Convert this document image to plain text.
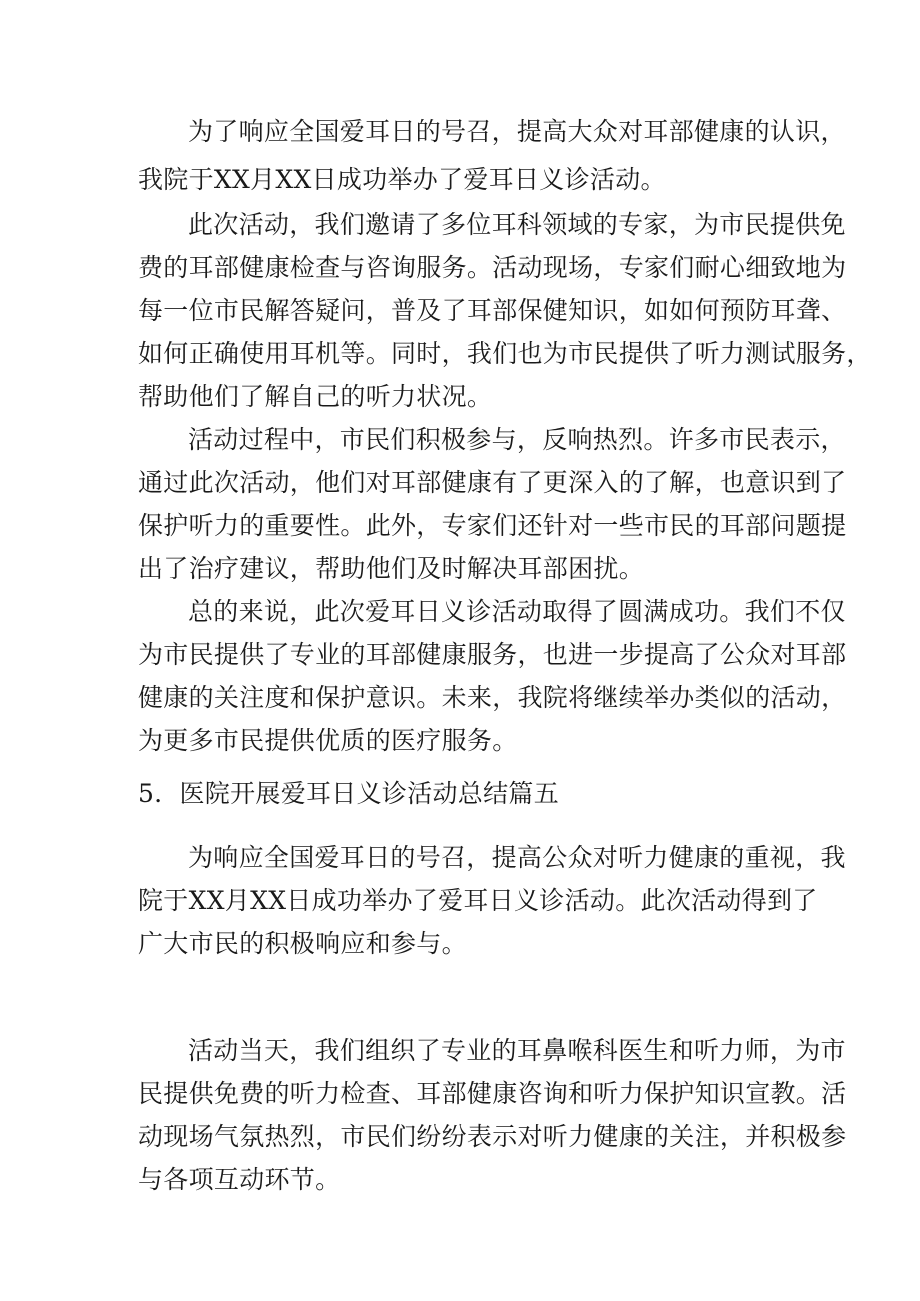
为了响应全国爱耳日的号召，提高大众对耳部健康的认识，

我院于XX月XX日成功举办了爱耳日义诊活动。

此次活动，我们邀请了多位耳科领域的专家，为市民提供免

费的耳部健康检查与咨询服务。活动现场，专家们耐心细致地为

每一位市民解答疑问，普及了耳部保健知识，如如何预防耳聋、

如何正确使用耳机等。同时，我们也为市民提供了听力测试服务，

帮助他们了解自己的听力状况。

活动过程中，市民们积极参与，反响热烈。许多市民表示，

通过此次活动，他们对耳部健康有了更深入的了解，也意识到了

保护听力的重要性。此外，专家们还针对一些市民的耳部问题提

出了治疗建议，帮助他们及时解决耳部困扰。

总的来说，此次爱耳日义诊活动取得了圆满成功。我们不仅

为市民提供了专业的耳部健康服务，也进一步提高了公众对耳部

健康的关注度和保护意识。未来，我院将继续举办类似的活动，

为更多市民提供优质的医疗服务。

5．医院开展爱耳日义诊活动总结篇五

为响应全国爱耳日的号召，提高公众对听力健康的重视，我

院于XX月XX日成功举办了爱耳日义诊活动。此次活动得到了

广大市民的积极响应和参与。

活动当天，我们组织了专业的耳鼻喉科医生和听力师，为市

民提供免费的听力检查、耳部健康咨询和听力保护知识宣教。活

动现场气氛热烈，市民们纷纷表示对听力健康的关注，并积极参

与各项互动环节。
